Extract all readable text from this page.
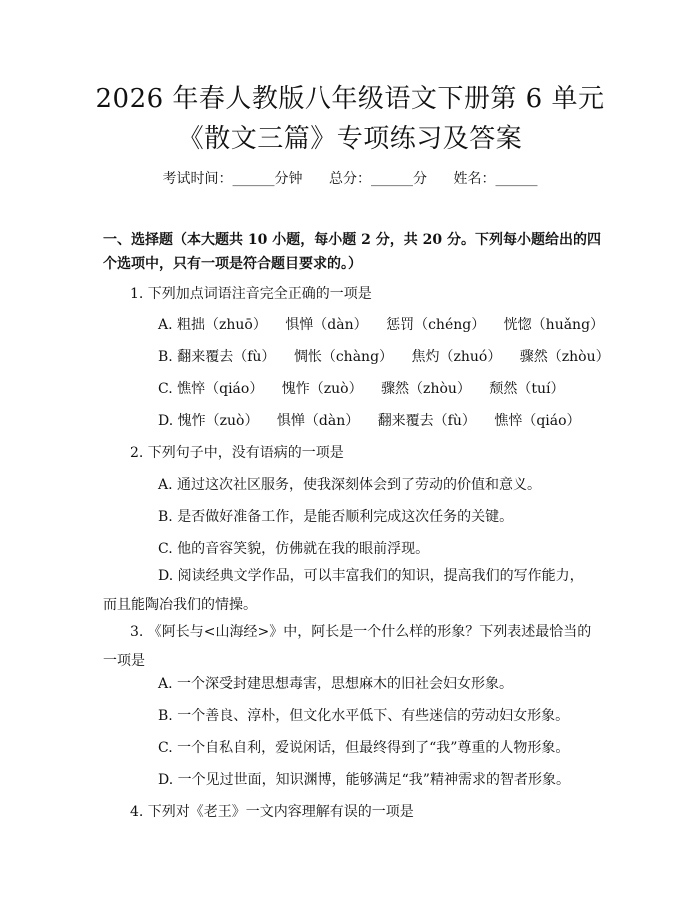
2026 年春人教版八年级语文下册第 6 单元
《散文三篇》专项练习及答案
考试时间：______分钟 总分：______分 姓名：______
一、选择题（本大题共 10 小题，每小题 2 分，共 20 分。下列每小题给出的四个选项中，只有一项是符合题目要求的。）
1. 下列加点词语注音完全正确的一项是
A. 粗拙（zhuō） 惧惮（dàn） 惩罚（chéng） 恍惚（huǎng）
B. 翻来覆去（fù） 惆怅（chàng） 焦灼（zhuó） 骤然（zhòu）
C. 憔悴（qiáo） 愧怍（zuò） 骤然（zhòu） 颓然（tuí）
D. 愧怍（zuò） 惧惮（dàn） 翻来覆去（fù） 憔悴（qiáo）
2. 下列句子中，没有语病的一项是
A. 通过这次社区服务，使我深刻体会到了劳动的价值和意义。
B. 是否做好准备工作，是能否顺利完成这次任务的关键。
C. 他的音容笑貌，仿佛就在我的眼前浮现。
D. 阅读经典文学作品，可以丰富我们的知识，提高我们的写作能力，而且能陶冶我们的情操。
3. 《阿长与<山海经>》中，阿长是一个什么样的形象？下列表述最恰当的一项是
A. 一个深受封建思想毒害，思想麻木的旧社会妇女形象。
B. 一个善良、淳朴，但文化水平低下、有些迷信的劳动妇女形象。
C. 一个自私自利，爱说闲话，但最终得到了“我”尊重的人物形象。
D. 一个见过世面，知识渊博，能够满足“我”精神需求的智者形象。
4. 下列对《老王》一文内容理解有误的一项是
